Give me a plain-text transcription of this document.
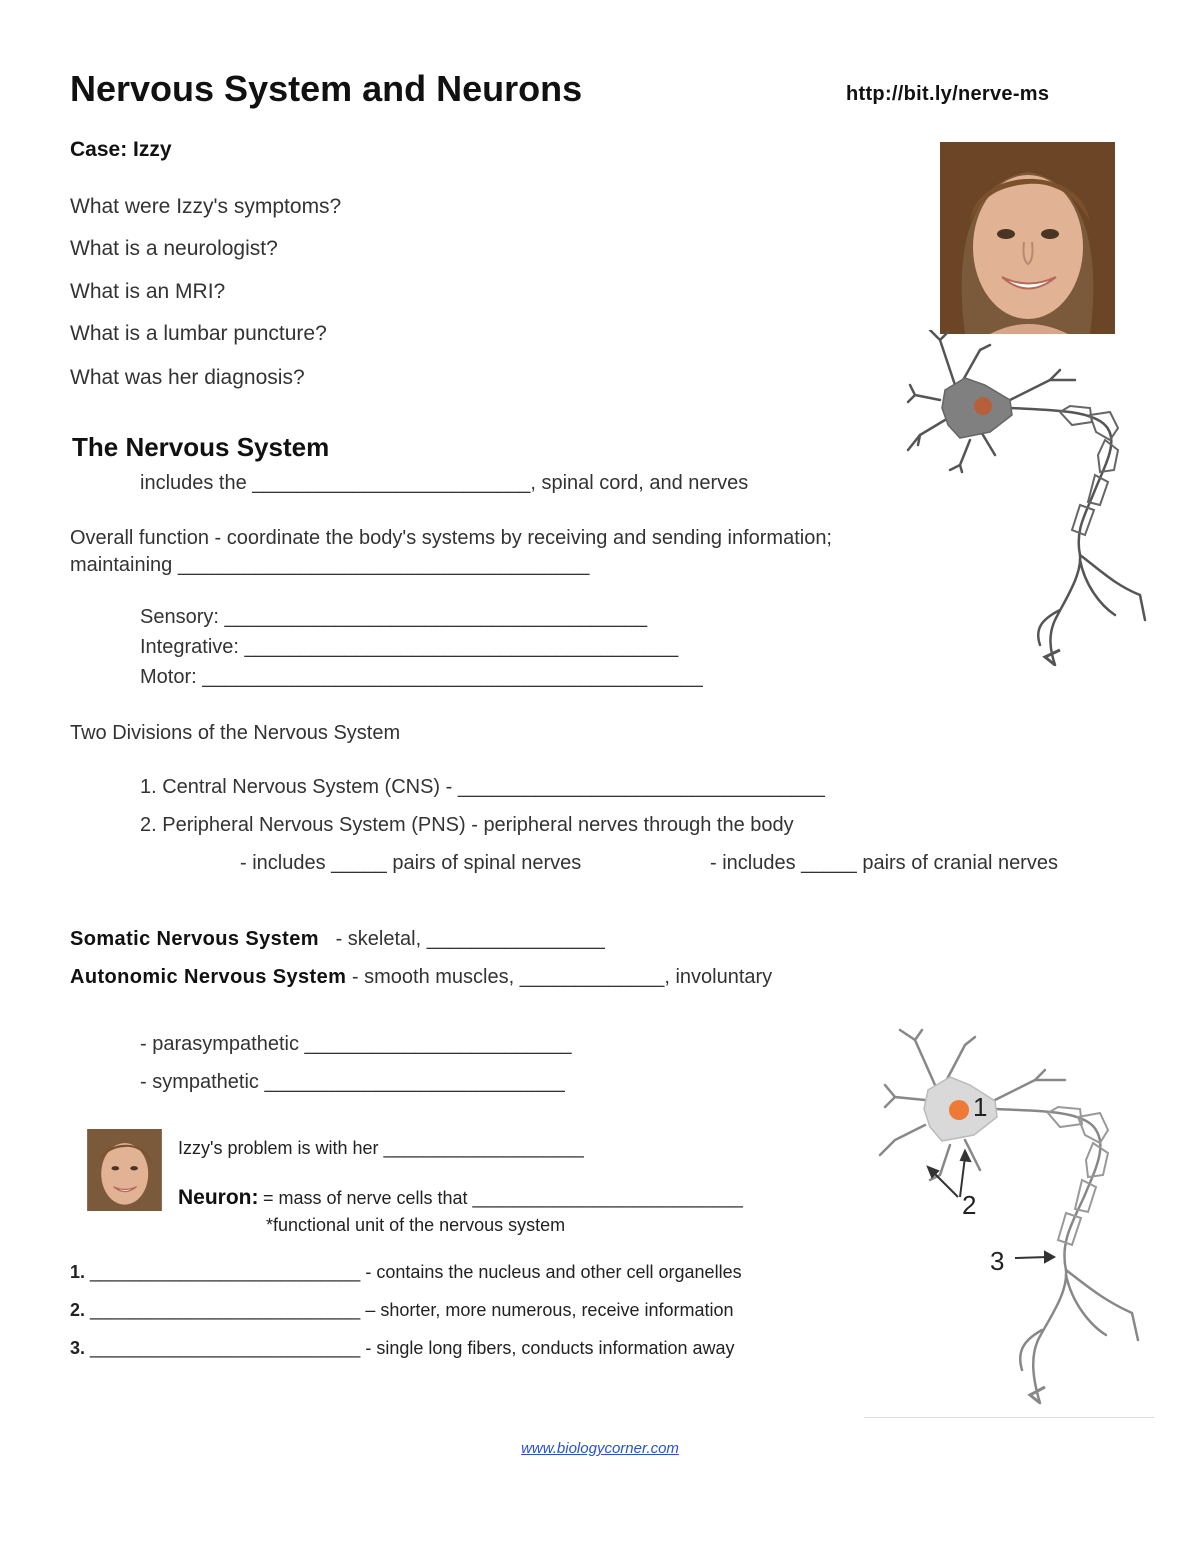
Nervous System and Neurons	http://bit.ly/nerve-ms
Case: Izzy
What were Izzy's symptoms?
What is a neurologist?
What is an MRI?
What is a lumbar puncture?
What was her diagnosis?
The Nervous System
includes the _________________________, spinal cord, and nerves
Overall function - coordinate the body's systems by receiving and sending information;
maintaining _____________________________________
Sensory: ______________________________________
Integrative: _______________________________________
Motor: _____________________________________________
Two Divisions of the Nervous System
1. Central Nervous System (CNS) - _________________________________
2. Peripheral Nervous System (PNS) - peripheral nerves through the body
- includes _____ pairs of spinal nerves	- includes _____ pairs of cranial nerves
Somatic Nervous System - skeletal, ________________
Autonomic Nervous System - smooth muscles, _____________, involuntary
- parasympathetic ________________________
- sympathetic ___________________________
Izzy's problem is with her ____________________
Neuron: = mass of nerve cells that ___________________________
*functional unit of the nervous system
1. ___________________________ - contains the nucleus and other cell organelles
2. ___________________________ – shorter, more numerous, receive information
3. ___________________________ - single long fibers, conducts information away
1
2
3
www.biologycorner.com
